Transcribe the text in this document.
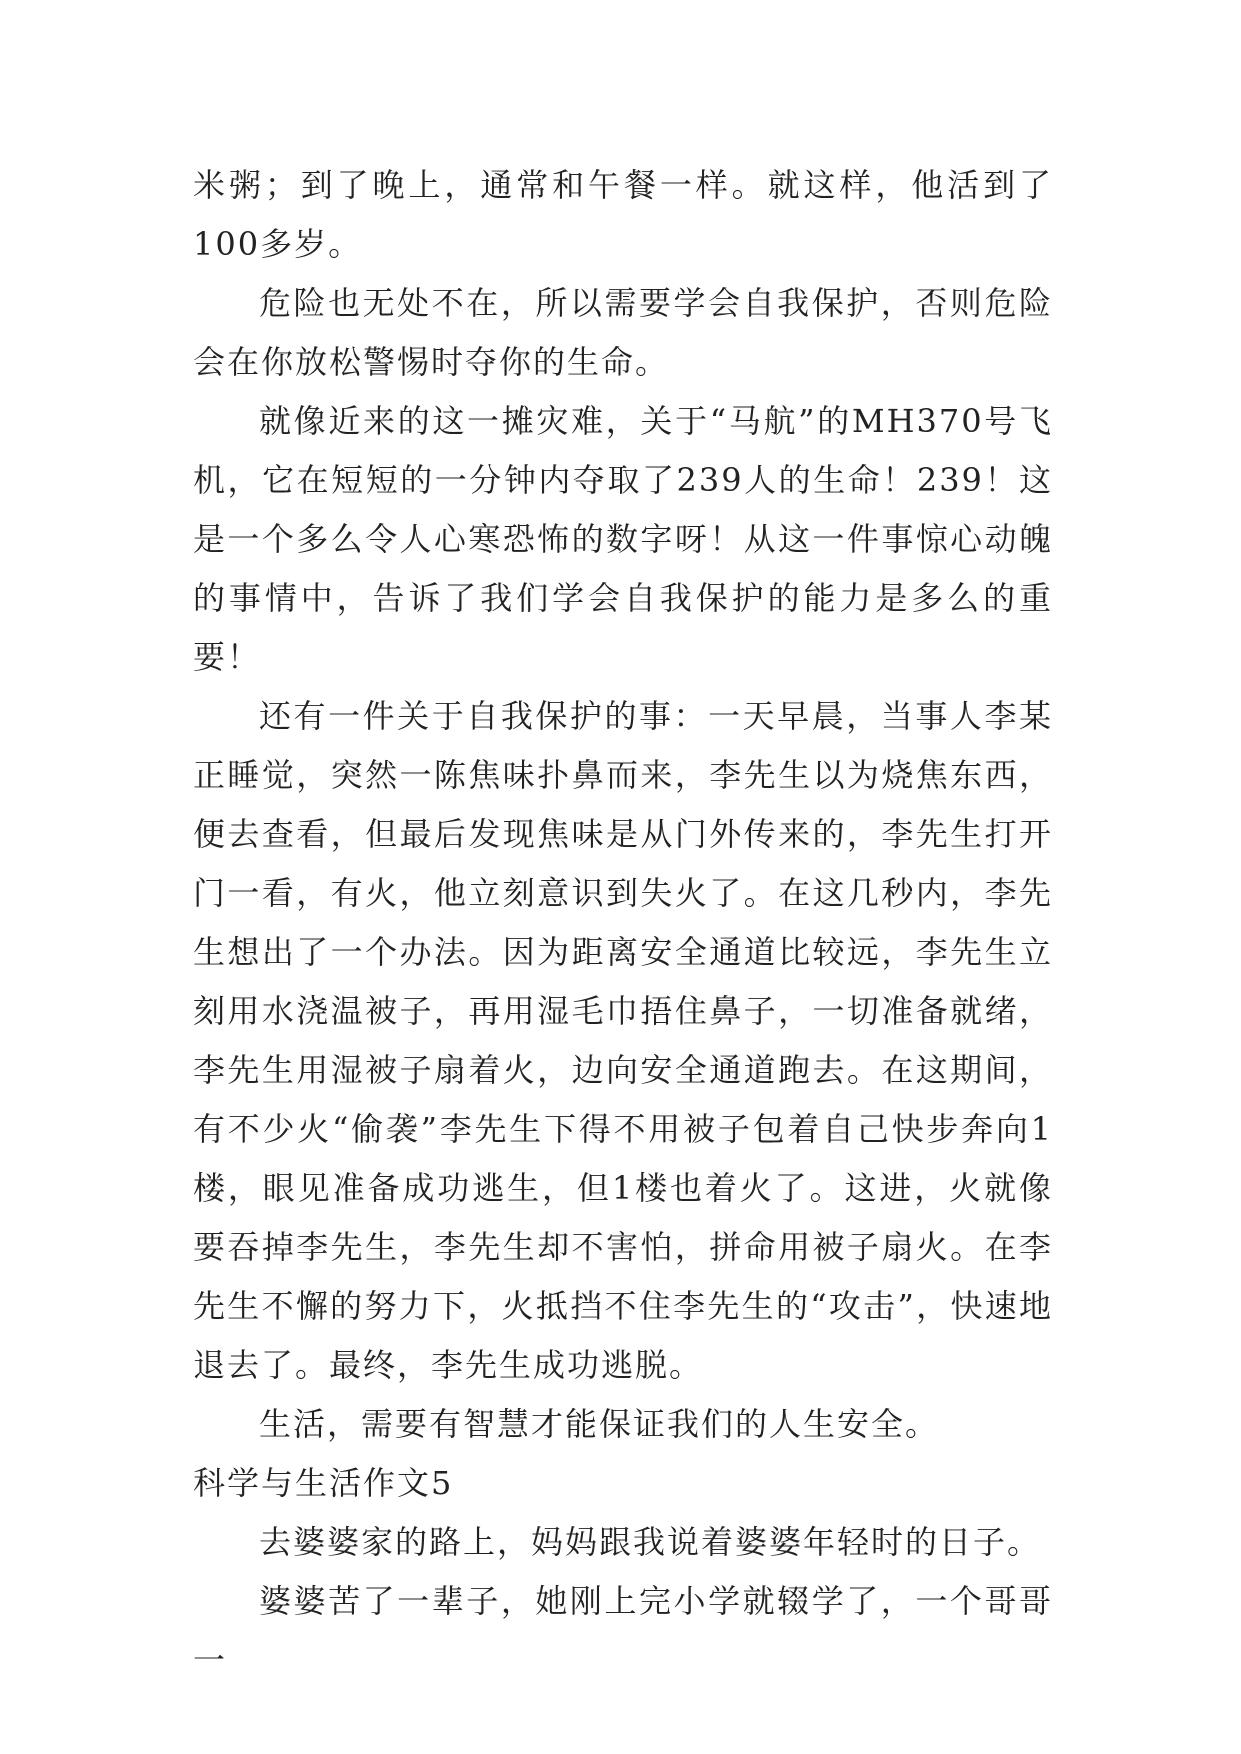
米粥；到了晚上，通常和午餐一样。就这样，他活到了100多岁。

危险也无处不在，所以需要学会自我保护，否则危险会在你放松警惕时夺你的生命。

就像近来的这一摊灾难，关于“马航”的MH370号飞机，它在短短的一分钟内夺取了239人的生命！239！这是一个多么令人心寒恐怖的数字呀！从这一件事惊心动魄的事情中，告诉了我们学会自我保护的能力是多么的重要！

还有一件关于自我保护的事：一天早晨，当事人李某正睡觉，突然一陈焦味扑鼻而来，李先生以为烧焦东西，便去查看，但最后发现焦味是从门外传来的，李先生打开门一看，有火，他立刻意识到失火了。在这几秒内，李先生想出了一个办法。因为距离安全通道比较远，李先生立刻用水浇温被子，再用湿毛巾捂住鼻子，一切准备就绪，李先生用湿被子扇着火，边向安全通道跑去。在这期间，有不少火“偷袭”李先生下得不用被子包着自己快步奔向1楼，眼见准备成功逃生，但1楼也着火了。这进，火就像要吞掉李先生，李先生却不害怕，拼命用被子扇火。在李先生不懈的努力下，火抵挡不住李先生的“攻击”，快速地退去了。最终，李先生成功逃脱。

生活，需要有智慧才能保证我们的人生安全。

科学与生活作文5

去婆婆家的路上，妈妈跟我说着婆婆年轻时的日子。

婆婆苦了一辈子，她刚上完小学就辍学了，一个哥哥一
